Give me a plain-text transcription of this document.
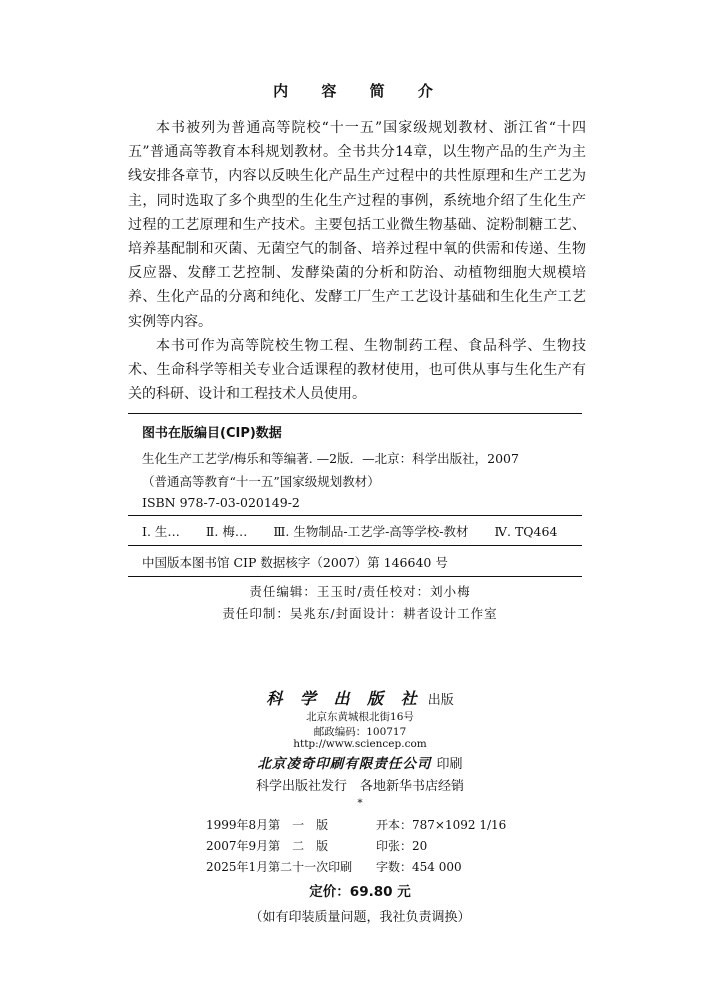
内 容 简 介

本书被列为普通高等院校“十一五”国家级规划教材、浙江省“十四五”普通高等教育本科规划教材。全书共分14章，以生物产品的生产为主线安排各章节，内容以反映生化产品生产过程中的共性原理和生产工艺为主，同时选取了多个典型的生化生产过程的事例，系统地介绍了生化生产过程的工艺原理和生产技术。主要包括工业微生物基础、淀粉制糖工艺、培养基配制和灭菌、无菌空气的制备、培养过程中氧的供需和传递、生物反应器、发酵工艺控制、发酵染菌的分析和防治、动植物细胞大规模培养、生化产品的分离和纯化、发酵工厂生产工艺设计基础和生化生产工艺实例等内容。

本书可作为高等院校生物工程、生物制药工程、食品科学、生物技术、生命科学等相关专业合适课程的教材使用，也可供从事与生化生产有关的科研、设计和工程技术人员使用。

图书在版编目(CIP)数据
生化生产工艺学/梅乐和等编著. —2版．—北京：科学出版社，2007
（普通高等教育“十一五”国家级规划教材）
ISBN 978-7-03-020149-2
Ⅰ. 生… Ⅱ. 梅… Ⅲ. 生物制品-工艺学-高等学校-教材 Ⅳ. TQ464
中国版本图书馆 CIP 数据核字（2007）第 146640 号
责任编辑：王玉时/责任校对：刘小梅
责任印制：吴兆东/封面设计：耕者设计工作室
科 学 出 版 社 出版
北京东黄城根北街16号
邮政编码：100717
http://www.sciencep.com
北京凌奇印刷有限责任公司 印刷
科学出版社发行　各地新华书店经销
*
1999年8月第　一　版	开本：787×1092 1/16
2007年9月第　二　版	印张：20
2025年1月第二十一次印刷 字数：454 000
定价：69.80 元
（如有印装质量问题，我社负责调换）
